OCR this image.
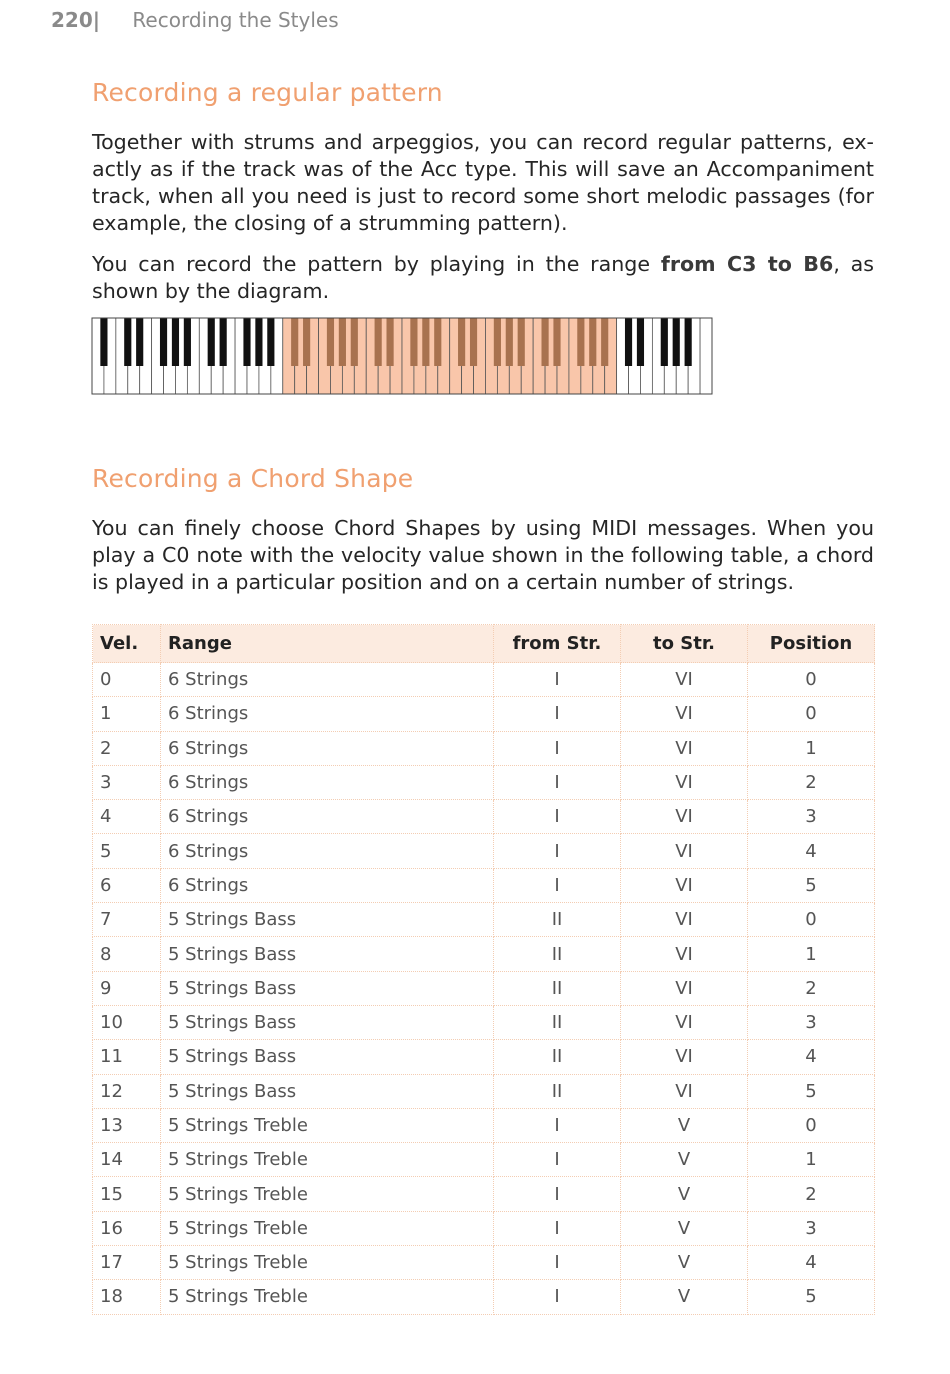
220| Recording the Styles
Recording a regular pattern

Together with strums and arpeggios, you can record regular patterns, ex-actly as if the track was of the Acc type. This will save an Accompaniment track, when all you need is just to record some short melodic passages (for example, the closing of a strumming pattern).

You can record the pattern by playing in the range from C3 to B6, as shown by the diagram.

Recording a Chord Shape

You can finely choose Chord Shapes by using MIDI messages. When you play a C0 note with the velocity value shown in the following table, a chord is played in a particular position and on a certain number of strings.

Vel.	Range	from Str.	to Str.	Position
0	6 Strings	I	VI	0
1	6 Strings	I	VI	0
2	6 Strings	I	VI	1
3	6 Strings	I	VI	2
4	6 Strings	I	VI	3
5	6 Strings	I	VI	4
6	6 Strings	I	VI	5
7	5 Strings Bass	II	VI	0
8	5 Strings Bass	II	VI	1
9	5 Strings Bass	II	VI	2
10	5 Strings Bass	II	VI	3
11	5 Strings Bass	II	VI	4
12	5 Strings Bass	II	VI	5
13	5 Strings Treble	I	V	0
14	5 Strings Treble	I	V	1
15	5 Strings Treble	I	V	2
16	5 Strings Treble	I	V	3
17	5 Strings Treble	I	V	4
18	5 Strings Treble	I	V	5
